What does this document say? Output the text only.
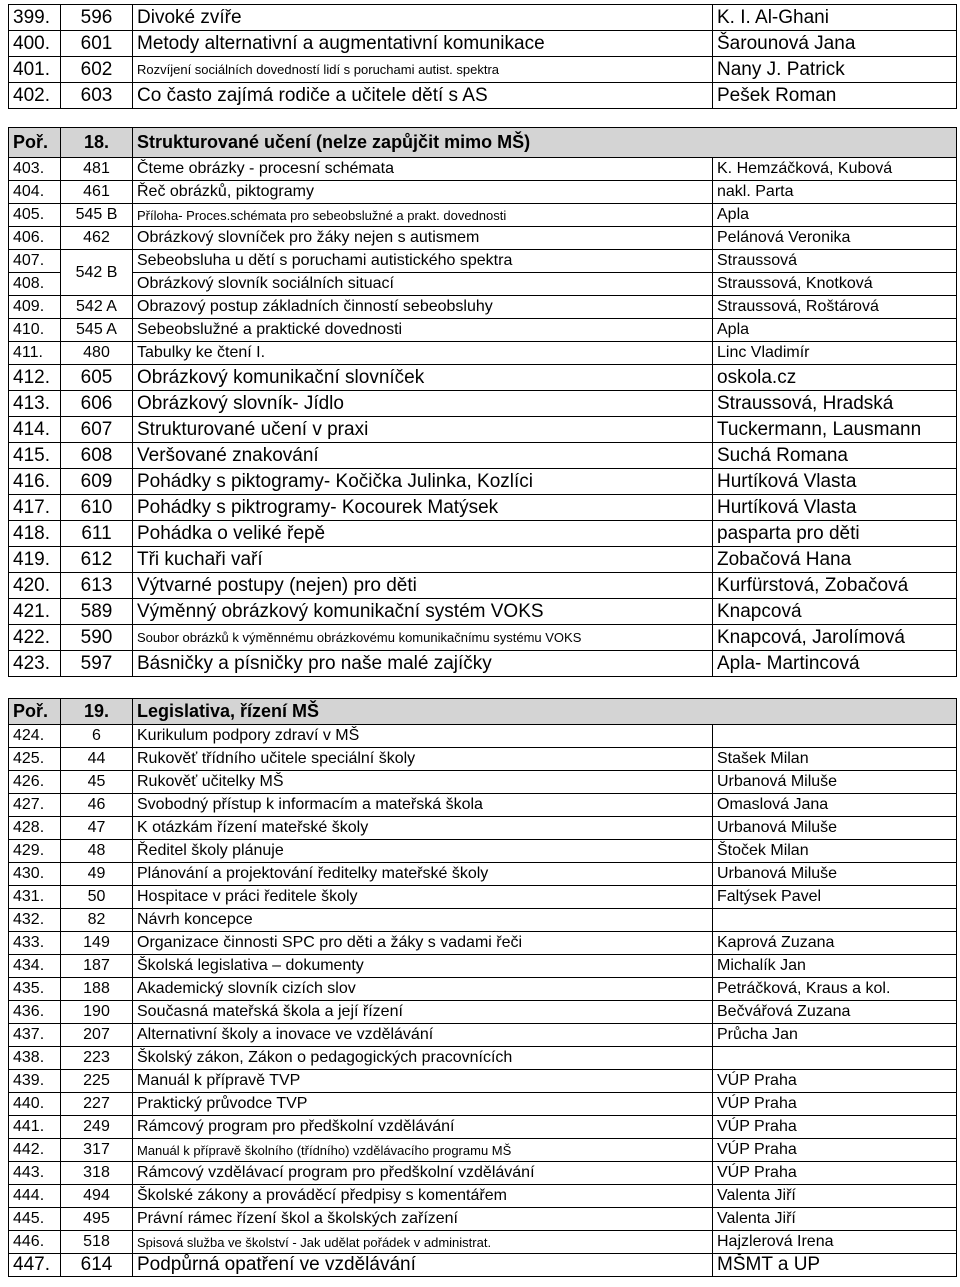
399.	596	Divoké zvíře	K. I. Al-Ghani
400.	601	Metody alternativní a augmentativní komunikace	Šarounová Jana
401.	602	Rozvíjení sociálních dovedností lidí s poruchami autist. spektra	Nany J. Patrick
402.	603	Co často zajímá rodiče a učitele dětí s AS	Pešek Roman
Poř.	18.	Strukturované učení (nelze zapůjčit mimo MŠ)	
403.	481	Čteme obrázky - procesní schémata	K. Hemzáčková, Kubová
404.	461	Řeč obrázků, piktogramy	nakl. Parta
405.	545 B	Příloha- Proces.schémata pro sebeobslužné a prakt. dovednosti	Apla
406.	462	Obrázkový slovníček pro žáky nejen s autismem	Pelánová Veronika
407.	542 B	Sebeobsluha u dětí s poruchami autistického spektra	Straussová
408.		Obrázkový slovník sociálních situací	Straussová, Knotková
409.	542 A	Obrazový postup základních činností sebeobsluhy	Straussová, Roštárová
410.	545 A	Sebeobslužné a praktické dovednosti	Apla
411.	480	Tabulky ke čtení I.	Linc Vladimír
412.	605	Obrázkový komunikační slovníček	oskola.cz
413.	606	Obrázkový slovník- Jídlo	Straussová, Hradská
414.	607	Strukturované učení v praxi	Tuckermann, Lausmann
415.	608	Veršované znakování	Suchá Romana
416.	609	Pohádky s piktogramy- Kočička Julinka, Kozlíci	Hurtíková Vlasta
417.	610	Pohádky s piktrogramy- Kocourek Matýsek	Hurtíková Vlasta
418.	611	Pohádka o veliké řepě	pasparta pro děti
419.	612	Tři kuchaři vaří	Zobačová Hana
420.	613	Výtvarné postupy (nejen) pro děti	Kurfürstová, Zobačová
421.	589	Výměnný obrázkový komunikační systém VOKS	Knapcová
422.	590	Soubor obrázků k výměnnému obrázkovému komunikačnímu systému VOKS	Knapcová, Jarolímová
423.	597	Básničky a písničky pro naše malé zajíčky	Apla- Martincová
Poř.	19.	Legislativa, řízení MŠ	
424.	6	Kurikulum podpory zdraví v MŠ	
425.	44	Rukověť třídního učitele speciální školy	Stašek Milan
426.	45	Rukověť učitelky MŠ	Urbanová Miluše
427.	46	Svobodný přístup k informacím a mateřská škola	Omaslová Jana
428.	47	K otázkám řízení mateřské školy	Urbanová Miluše
429.	48	Ředitel školy plánuje	Štoček Milan
430.	49	Plánování a projektování ředitelky mateřské školy	Urbanová Miluše
431.	50	Hospitace v práci ředitele školy	Faltýsek Pavel
432.	82	Návrh koncepce	
433.	149	Organizace činnosti SPC pro děti a žáky s vadami řeči	Kaprová Zuzana
434.	187	Školská legislativa – dokumenty	Michalík Jan
435.	188	Akademický slovník cizích slov	Petráčková, Kraus a kol.
436.	190	Současná mateřská škola a její řízení	Bečvářová Zuzana
437.	207	Alternativní školy a inovace ve vzdělávání	Průcha Jan
438.	223	Školský zákon, Zákon o pedagogických pracovnících	
439.	225	Manuál k přípravě TVP	VÚP Praha
440.	227	Praktický průvodce TVP	VÚP Praha
441.	249	Rámcový program pro předškolní vzdělávání	VÚP Praha
442.	317	Manuál k přípravě školního (třídního) vzdělávacího programu MŠ	VÚP Praha
443.	318	Rámcový vzdělávací program pro předškolní vzdělávání	VÚP Praha
444.	494	Školské zákony a prováděcí předpisy s komentářem	Valenta Jiří
445.	495	Právní rámec řízení škol a školských zařízení	Valenta Jiří
446.	518	Spisová služba ve školství - Jak udělat pořádek v administrat.	Hajzlerová Irena
447.	614	Podpůrná opatření ve vzdělávání	MŠMT a UP
